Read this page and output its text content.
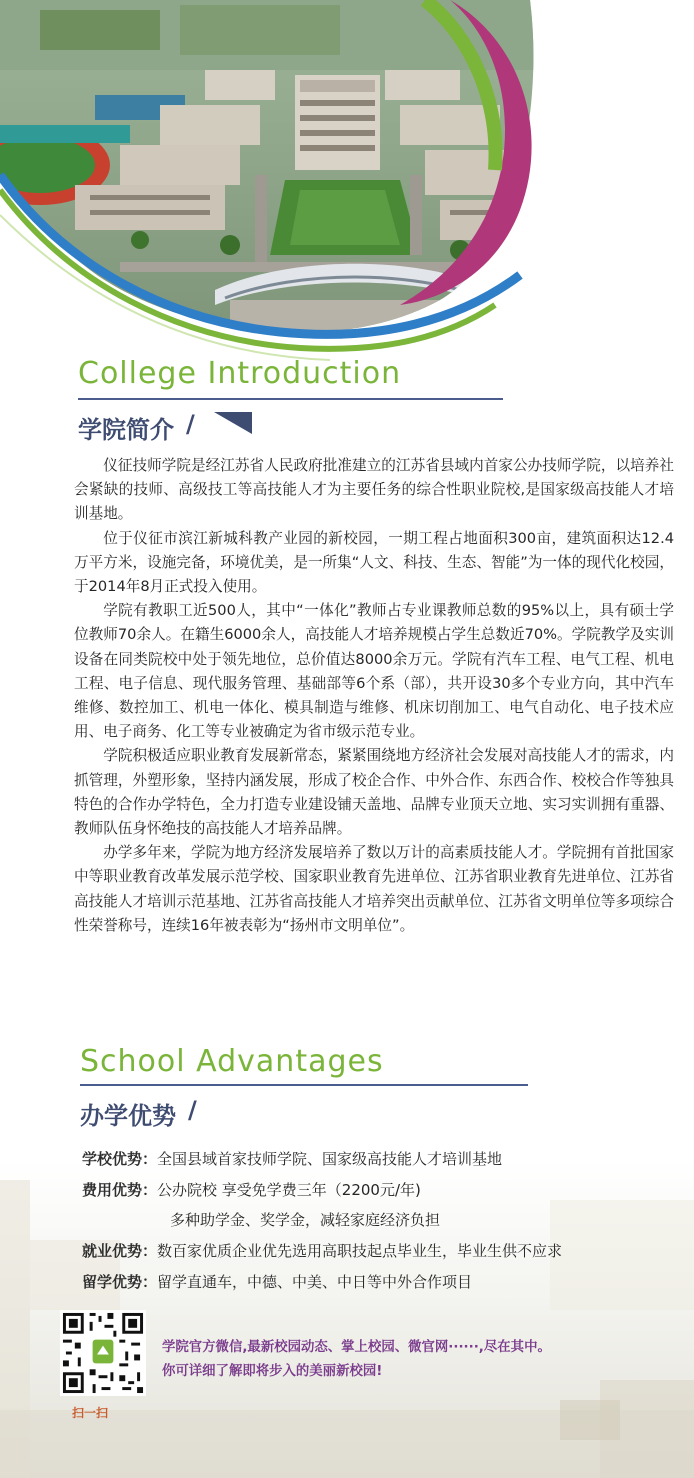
College Introduction
学院简介 /

仪征技师学院是经江苏省人民政府批准建立的江苏省县域内首家公办技师学院，以培养社会紧缺的技师、高级技工等高技能人才为主要任务的综合性职业院校,是国家级高技能人才培训基地。

位于仪征市滨江新城科教产业园的新校园，一期工程占地面积300亩，建筑面积达12.4万平方米，设施完备，环境优美，是一所集“人文、科技、生态、智能”为一体的现代化校园，于2014年8月正式投入使用。

学院有教职工近500人，其中“一体化”教师占专业课教师总数的95%以上，具有硕士学位教师70余人。在籍生6000余人，高技能人才培养规模占学生总数近70%。学院教学及实训设备在同类院校中处于领先地位，总价值达8000余万元。学院有汽车工程、电气工程、机电工程、电子信息、现代服务管理、基础部等6个系（部），共开设30多个专业方向，其中汽车维修、数控加工、机电一体化、模具制造与维修、机床切削加工、电气自动化、电子技术应用、电子商务、化工等专业被确定为省市级示范专业。

学院积极适应职业教育发展新常态，紧紧围绕地方经济社会发展对高技能人才的需求，内抓管理，外塑形象，坚持内涵发展，形成了校企合作、中外合作、东西合作、校校合作等独具特色的合作办学特色，全力打造专业建设铺天盖地、品牌专业顶天立地、实习实训拥有重器、教师队伍身怀绝技的高技能人才培养品牌。

办学多年来，学院为地方经济发展培养了数以万计的高素质技能人才。学院拥有首批国家中等职业教育改革发展示范学校、国家职业教育先进单位、江苏省职业教育先进单位、江苏省高技能人才培训示范基地、江苏省高技能人才培养突出贡献单位、江苏省文明单位等多项综合性荣誉称号，连续16年被表彰为“扬州市文明单位”。

School Advantages
办学优势 /
学校优势：全国县域首家技师学院、国家级高技能人才培训基地
费用优势：公办院校 享受免学费三年（2200元/年)
多种助学金、奖学金，减轻家庭经济负担
就业优势：数百家优质企业优先选用高职技起点毕业生，毕业生供不应求
留学优势：留学直通车，中德、中美、中日等中外合作项目
扫一扫
学院官方微信,最新校园动态、掌上校园、微官网······,尽在其中。
你可详细了解即将步入的美丽新校园!
